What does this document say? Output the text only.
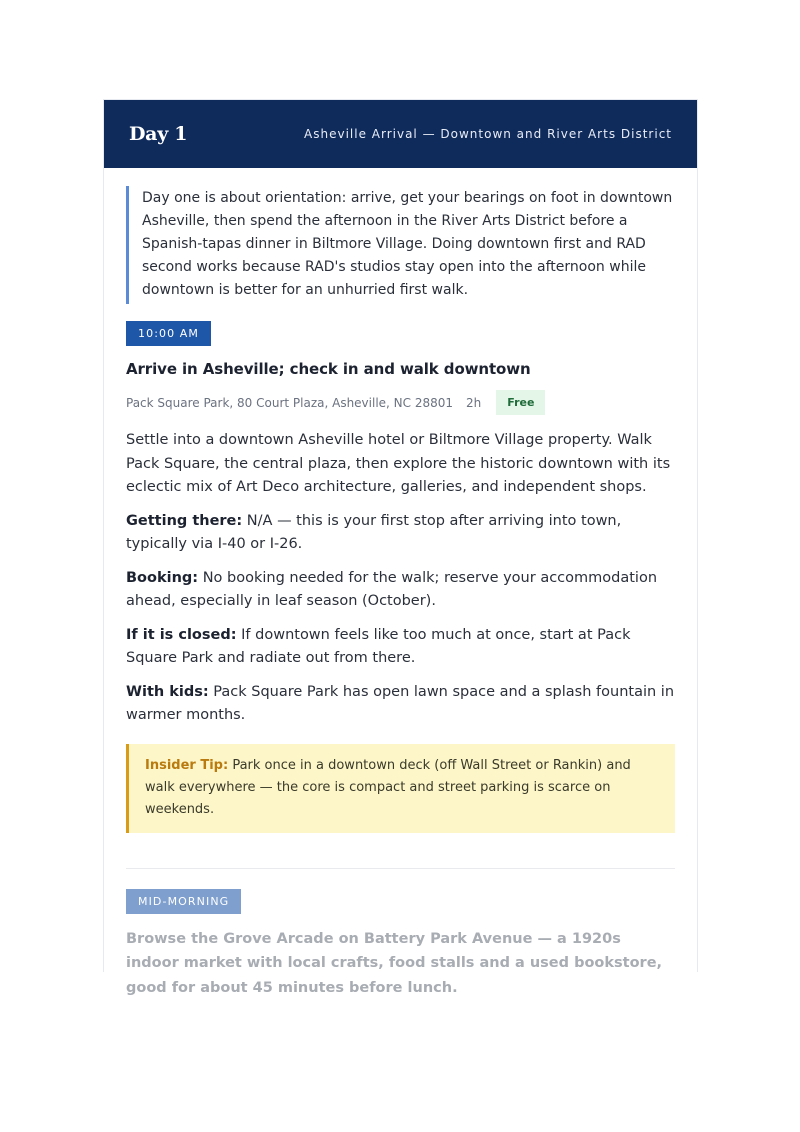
Day 1	Asheville Arrival — Downtown and River Arts District
Day one is about orientation: arrive, get your bearings on foot in downtown Asheville, then spend the afternoon in the River Arts District before a Spanish-tapas dinner in Biltmore Village. Doing downtown first and RAD second works because RAD's studios stay open into the afternoon while downtown is better for an unhurried first walk.
10:00 AM
Arrive in Asheville; check in and walk downtown
Pack Square Park, 80 Court Plaza, Asheville, NC 28801 2h	Free
Settle into a downtown Asheville hotel or Biltmore Village property. Walk Pack Square, the central plaza, then explore the historic downtown with its eclectic mix of Art Deco architecture, galleries, and independent shops.
Getting there: N/A — this is your first stop after arriving into town, typically via I-40 or I-26.
Booking: No booking needed for the walk; reserve your accommodation ahead, especially in leaf season (October).
If it is closed: If downtown feels like too much at once, start at Pack Square Park and radiate out from there.
With kids: Pack Square Park has open lawn space and a splash fountain in warmer months.
Insider Tip: Park once in a downtown deck (off Wall Street or Rankin) and walk everywhere — the core is compact and street parking is scarce on weekends.
MID-MORNING
Browse the Grove Arcade on Battery Park Avenue — a 1920s indoor market with local crafts, food stalls and a used bookstore, good for about 45 minutes before lunch.
